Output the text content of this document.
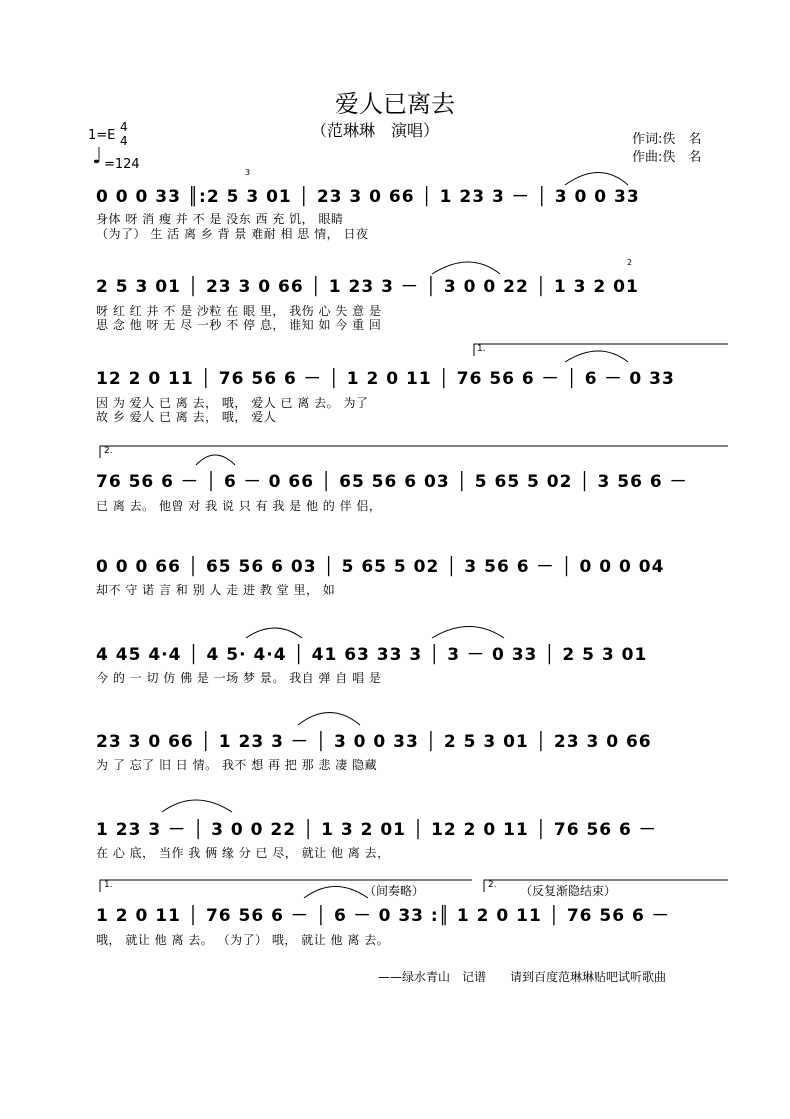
爱人已离去
（范琳琳　演唱）
1=E
4
4
♩ =124
作词:佚　名
作曲:佚　名
0 0 0 33 ║:2 5 3 01 │ 23 3 0 66 │ 1 23 3 － │ 3 0 0 33
身体 呀 消 瘦 并 不 是 没东 西 充 饥， 眼睛
（为了） 生 活 离 乡 背 景 难耐 相 思 情， 日夜
2 5 3 01 │ 23 3 0 66 │ 1 23 3 － │ 3 0 0 22 │ 1 3 2 01
呀 红 红 并 不 是 沙粒 在 眼 里， 我伤 心 失 意 是
思 念 他 呀 无 尽 一秒 不 停 息， 谁知 如 今 重 回
12 2 0 11 │ 76 56 6 － │ 1 2 0 11 │ 76 56 6 － │ 6 － 0 33
因 为 爱人 已 离 去， 哦， 爱人 已 离 去。 为了
故 乡 爱人 已 离 去， 哦， 爱人
76 56 6 － │ 6 － 0 66 │ 65 56 6 03 │ 5 65 5 02 │ 3 56 6 －
已 离 去。 他曾 对 我 说 只 有 我 是 他 的 伴 侣，
0 0 0 66 │ 65 56 6 03 │ 5 65 5 02 │ 3 56 6 － │ 0 0 0 04
却不 守 诺 言 和 别 人 走 进 教 堂 里， 如
4 45 4·4 │ 4 5· 4·4 │ 41 63 33 3 │ 3 － 0 33 │ 2 5 3 01
今 的 一 切 仿 佛 是 一场 梦 景。 我自 弹 自 唱 是
23 3 0 66 │ 1 23 3 － │ 3 0 0 33 │ 2 5 3 01 │ 23 3 0 66
为 了 忘了 旧 日 情。 我不 想 再 把 那 悲 凄 隐藏
1 23 3 － │ 3 0 0 22 │ 1 3 2 01 │ 12 2 0 11 │ 76 56 6 －
在 心 底， 当作 我 俩 缘 分 已 尽， 就让 他 离 去，
1 2 0 11 │ 76 56 6 － │ 6 － 0 33 :║ 1 2 0 11 │ 76 56 6 －
哦， 就让 他 离 去。 （为了） 哦， 就让 他 离 去。
1.
2.
1.	2.
（间奏略）	（反复渐隐结束）
3
2
——绿水青山　记谱 请到百度范琳琳贴吧试听歌曲
